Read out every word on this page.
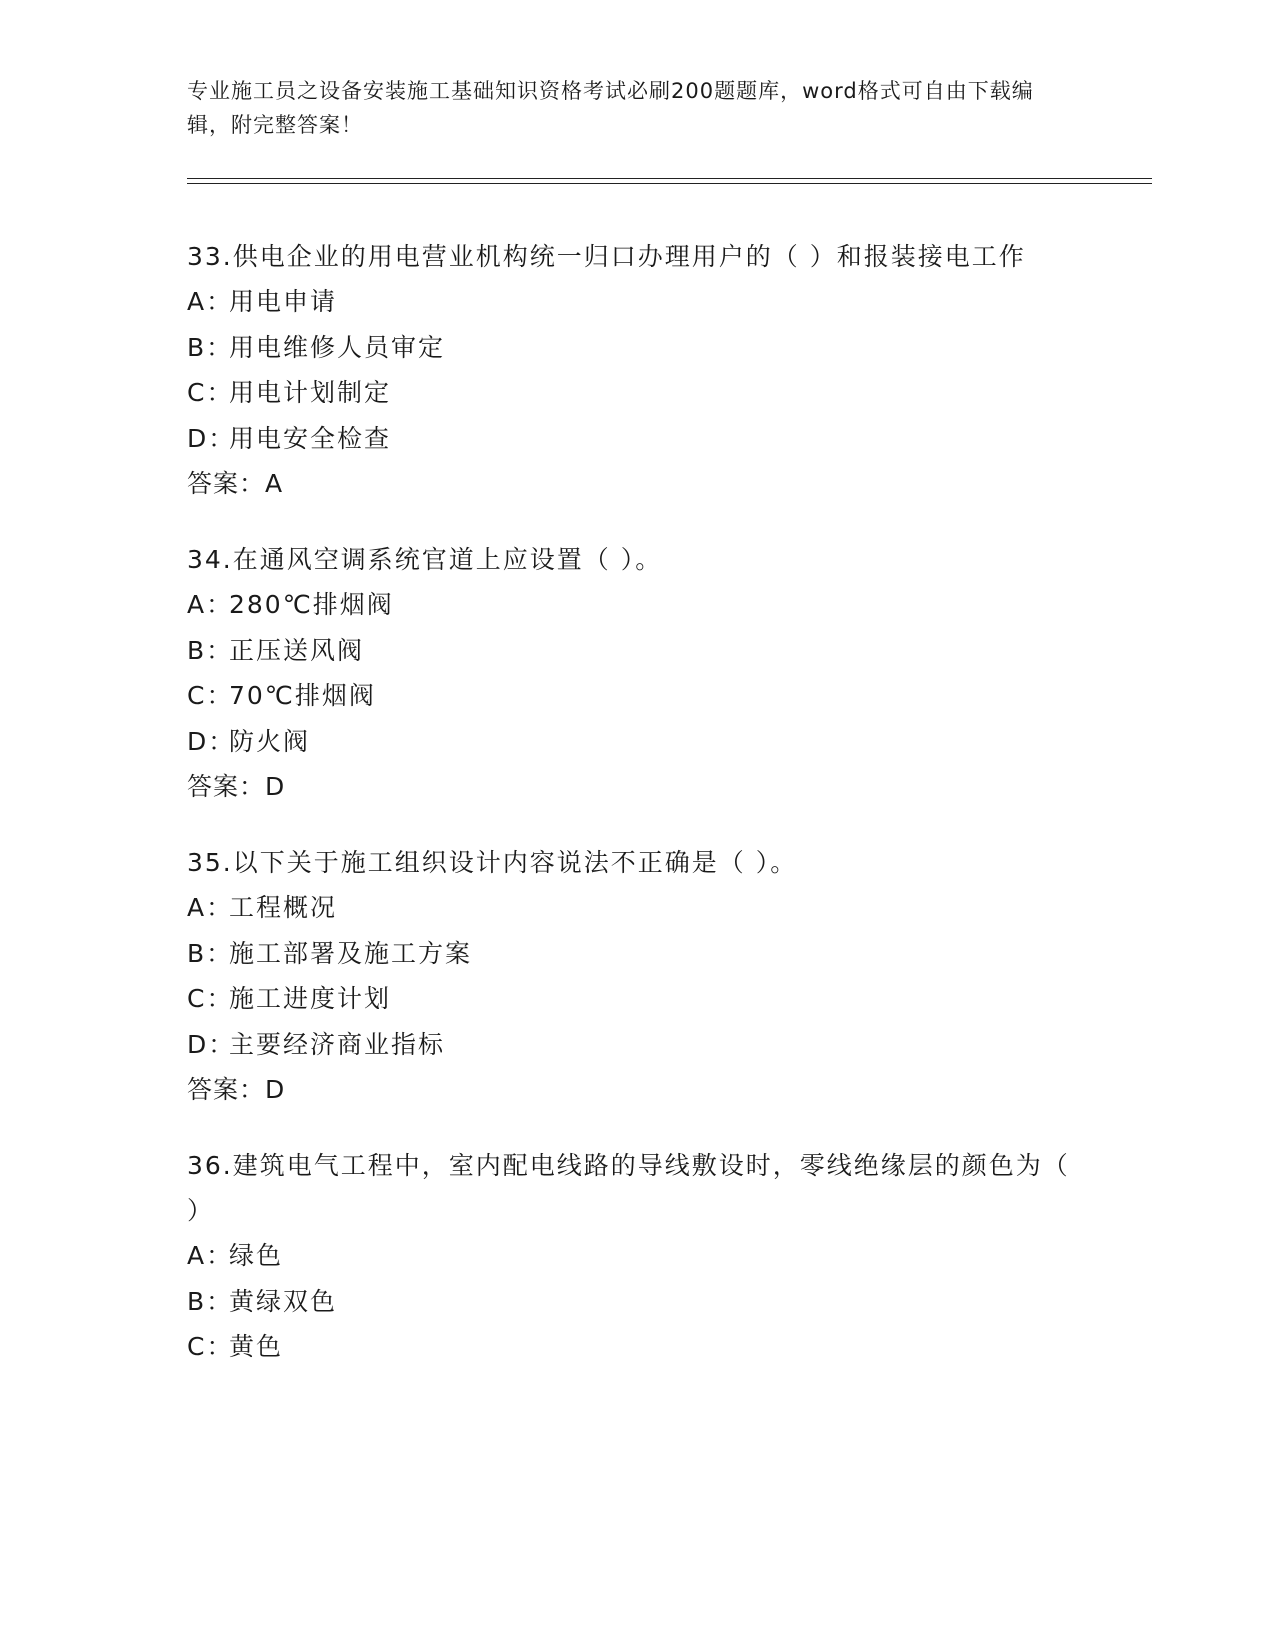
专业施工员之设备安装施工基础知识资格考试必刷200题题库，word格式可自由下载编辑，附完整答案！

33.供电企业的用电营业机构统一归口办理用户的（ ）和报装接电工作

A：用电申请

B：用电维修人员审定

C：用电计划制定

D：用电安全检查

答案：A

34.在通风空调系统官道上应设置（ ）。

A：280℃排烟阀

B：正压送风阀

C：70℃排烟阀

D：防火阀

答案：D

35.以下关于施工组织设计内容说法不正确是（ ）。

A：工程概况

B：施工部署及施工方案

C：施工进度计划

D：主要经济商业指标

答案：D

36.建筑电气工程中，室内配电线路的导线敷设时，零线绝缘层的颜色为（ ）

A：绿色

B：黄绿双色

C：黄色
